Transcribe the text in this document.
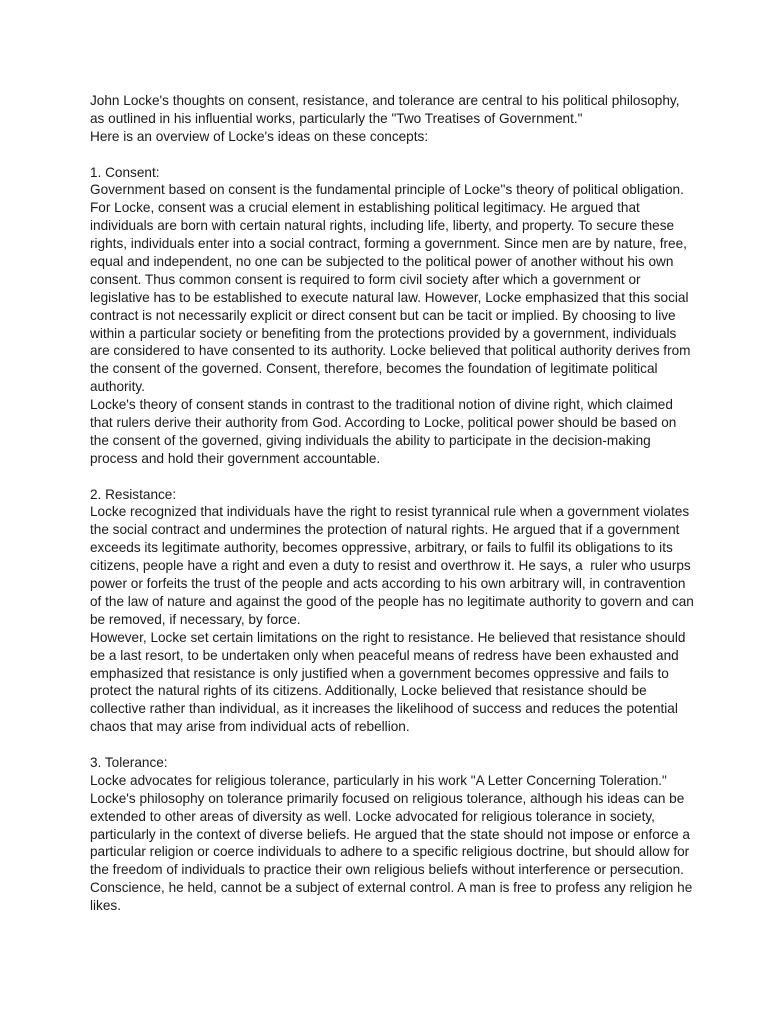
John Locke's thoughts on consent, resistance, and tolerance are central to his political philosophy,
as outlined in his influential works, particularly the "Two Treatises of Government."
Here is an overview of Locke's ideas on these concepts:
1. Consent:
Government based on consent is the fundamental principle of Locke''s theory of political obligation.
For Locke, consent was a crucial element in establishing political legitimacy. He argued that
individuals are born with certain natural rights, including life, liberty, and property. To secure these
rights, individuals enter into a social contract, forming a government. Since men are by nature, free,
equal and independent, no one can be subjected to the political power of another without his own
consent. Thus common consent is required to form civil society after which a government or
legislative has to be established to execute natural law. However, Locke emphasized that this social
contract is not necessarily explicit or direct consent but can be tacit or implied. By choosing to live
within a particular society or benefiting from the protections provided by a government, individuals
are considered to have consented to its authority. Locke believed that political authority derives from
the consent of the governed. Consent, therefore, becomes the foundation of legitimate political
authority.
Locke's theory of consent stands in contrast to the traditional notion of divine right, which claimed
that rulers derive their authority from God. According to Locke, political power should be based on
the consent of the governed, giving individuals the ability to participate in the decision-making
process and hold their government accountable.
2. Resistance:
Locke recognized that individuals have the right to resist tyrannical rule when a government violates
the social contract and undermines the protection of natural rights. He argued that if a government
exceeds its legitimate authority, becomes oppressive, arbitrary, or fails to fulfil its obligations to its
citizens, people have a right and even a duty to resist and overthrow it. He says, a  ruler who usurps
power or forfeits the trust of the people and acts according to his own arbitrary will, in contravention
of the law of nature and against the good of the people has no legitimate authority to govern and can
be removed, if necessary, by force.
However, Locke set certain limitations on the right to resistance. He believed that resistance should
be a last resort, to be undertaken only when peaceful means of redress have been exhausted and
emphasized that resistance is only justified when a government becomes oppressive and fails to
protect the natural rights of its citizens. Additionally, Locke believed that resistance should be
collective rather than individual, as it increases the likelihood of success and reduces the potential
chaos that may arise from individual acts of rebellion.
3. Tolerance:
Locke advocates for religious tolerance, particularly in his work "A Letter Concerning Toleration."
Locke's philosophy on tolerance primarily focused on religious tolerance, although his ideas can be
extended to other areas of diversity as well. Locke advocated for religious tolerance in society,
particularly in the context of diverse beliefs. He argued that the state should not impose or enforce a
particular religion or coerce individuals to adhere to a specific religious doctrine, but should allow for
the freedom of individuals to practice their own religious beliefs without interference or persecution.
Conscience, he held, cannot be a subject of external control. A man is free to profess any religion he
likes.
